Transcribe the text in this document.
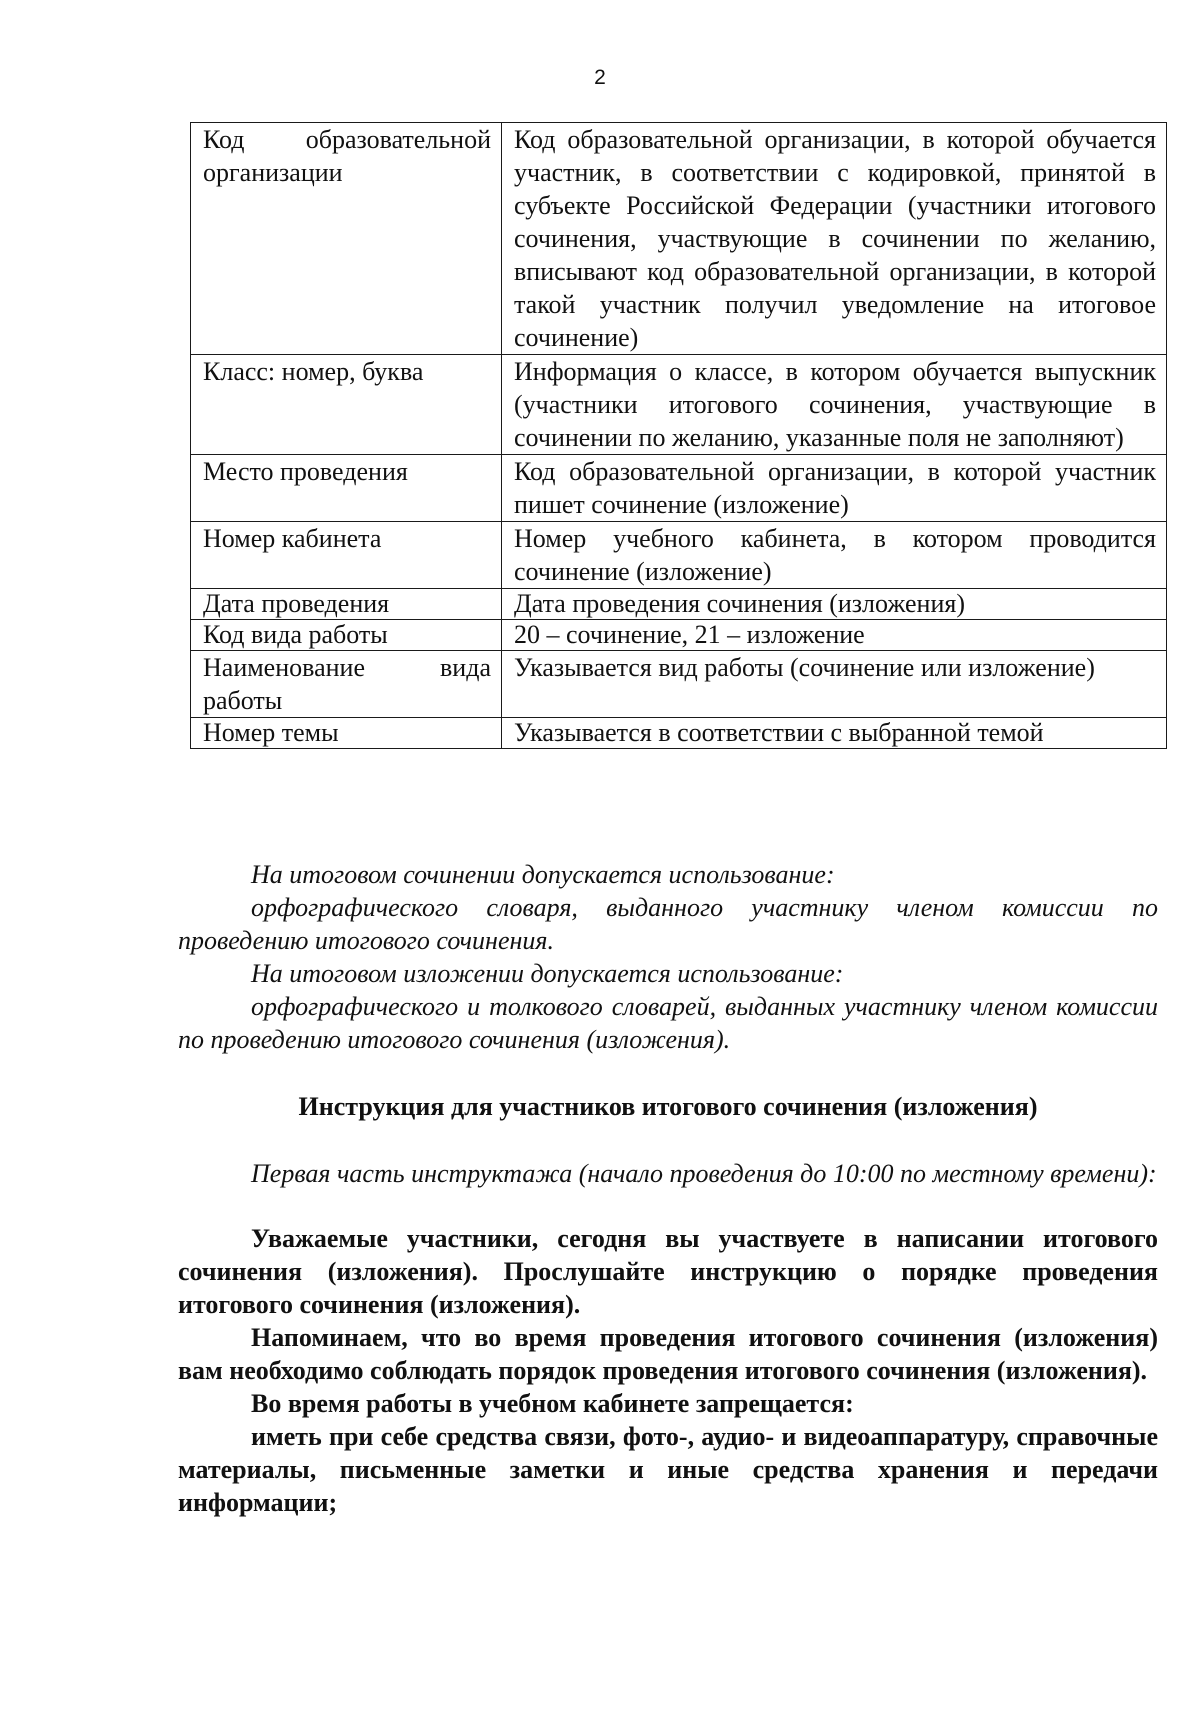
2
Код образовательной организации	Код образовательной организации, в которой обучается участник, в соответствии с кодировкой, принятой в субъекте Российской Федерации (участники итогового сочинения, участвующие в сочинении по желанию, вписывают код образовательной организации, в которой такой участник получил уведомление на итоговое сочинение)
Класс: номер, буква	Информация о классе, в котором обучается выпускник (участники итогового сочинения, участвующие в сочинении по желанию, указанные поля не заполняют)
Место проведения	Код образовательной организации, в которой участник пишет сочинение (изложение)
Номер кабинета	Номер учебного кабинета, в котором проводится сочинение (изложение)
Дата проведения	Дата проведения сочинения (изложения)
Код вида работы	20 – сочинение, 21 – изложение
Наименование вида работы	Указывается вид работы (сочинение или изложение)
Номер темы	Указывается в соответствии с выбранной темой

На итоговом сочинении допускается использование:

орфографического словаря, выданного участнику членом комиссии по проведению итогового сочинения.

На итоговом изложении допускается использование:

орфографического и толкового словарей, выданных участнику членом комиссии по проведению итогового сочинения (изложения).

Инструкция для участников итогового сочинения (изложения)

Первая часть инструктажа (начало проведения до 10:00 по местному времени):

Уважаемые участники, сегодня вы участвуете в написании итогового сочинения (изложения). Прослушайте инструкцию о порядке проведения итогового сочинения (изложения).

Напоминаем, что во время проведения итогового сочинения (изложения) вам необходимо соблюдать порядок проведения итогового сочинения (изложения).

Во время работы в учебном кабинете запрещается:

иметь при себе средства связи, фото-, аудио- и видеоаппаратуру, справочные материалы, письменные заметки и иные средства хранения и передачи информации;
